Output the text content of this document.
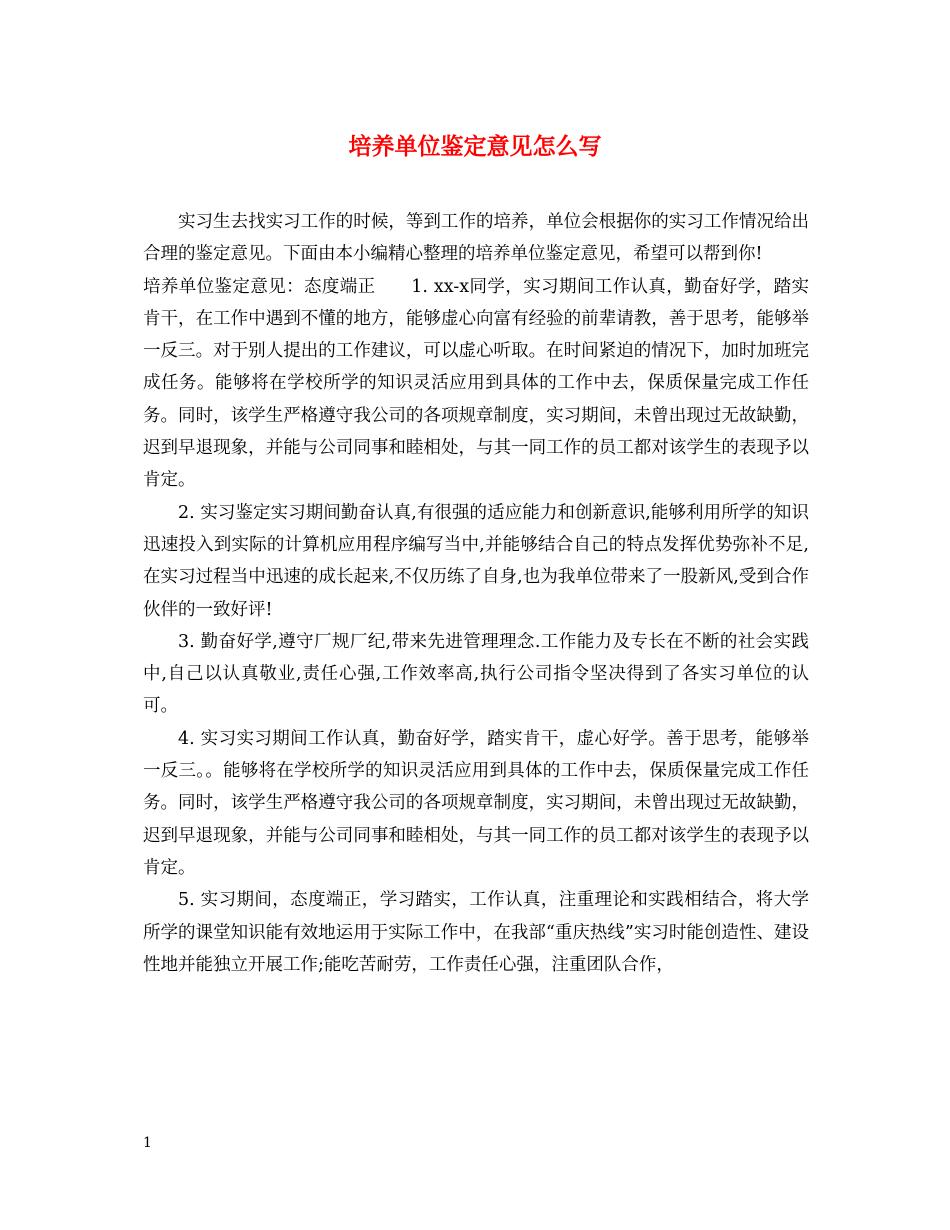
培养单位鉴定意见怎么写

实习生去找实习工作的时候，等到工作的培养，单位会根据你的实习工作情况给出合理的鉴定意见。下面由本小编精心整理的培养单位鉴定意见，希望可以帮到你!

培养单位鉴定意见：态度端正　　1. xx-x同学，实习期间工作认真，勤奋好学，踏实肯干，在工作中遇到不懂的地方，能够虚心向富有经验的前辈请教，善于思考，能够举一反三。对于别人提出的工作建议，可以虚心听取。在时间紧迫的情况下，加时加班完成任务。能够将在学校所学的知识灵活应用到具体的工作中去，保质保量完成工作任务。同时，该学生严格遵守我公司的各项规章制度，实习期间，未曾出现过无故缺勤，迟到早退现象，并能与公司同事和睦相处，与其一同工作的员工都对该学生的表现予以肯定。

2. 实习鉴定实习期间勤奋认真,有很强的适应能力和创新意识,能够利用所学的知识迅速投入到实际的计算机应用程序编写当中,并能够结合自己的特点发挥优势弥补不足,在实习过程当中迅速的成长起来,不仅历练了自身,也为我单位带来了一股新风,受到合作伙伴的一致好评!

3. 勤奋好学,遵守厂规厂纪,带来先进管理理念.工作能力及专长在不断的社会实践中,自己以认真敬业,责任心强,工作效率高,执行公司指令坚决得到了各实习单位的认可。

4. 实习实习期间工作认真，勤奋好学，踏实肯干，虚心好学。善于思考，能够举一反三。。能够将在学校所学的知识灵活应用到具体的工作中去，保质保量完成工作任务。同时，该学生严格遵守我公司的各项规章制度，实习期间，未曾出现过无故缺勤，迟到早退现象，并能与公司同事和睦相处，与其一同工作的员工都对该学生的表现予以肯定。

5. 实习期间，态度端正，学习踏实，工作认真，注重理论和实践相结合，将大学所学的课堂知识能有效地运用于实际工作中，在我部“重庆热线”实习时能创造性、建设性地并能独立开展工作;能吃苦耐劳，工作责任心强，注重团队合作，

1
